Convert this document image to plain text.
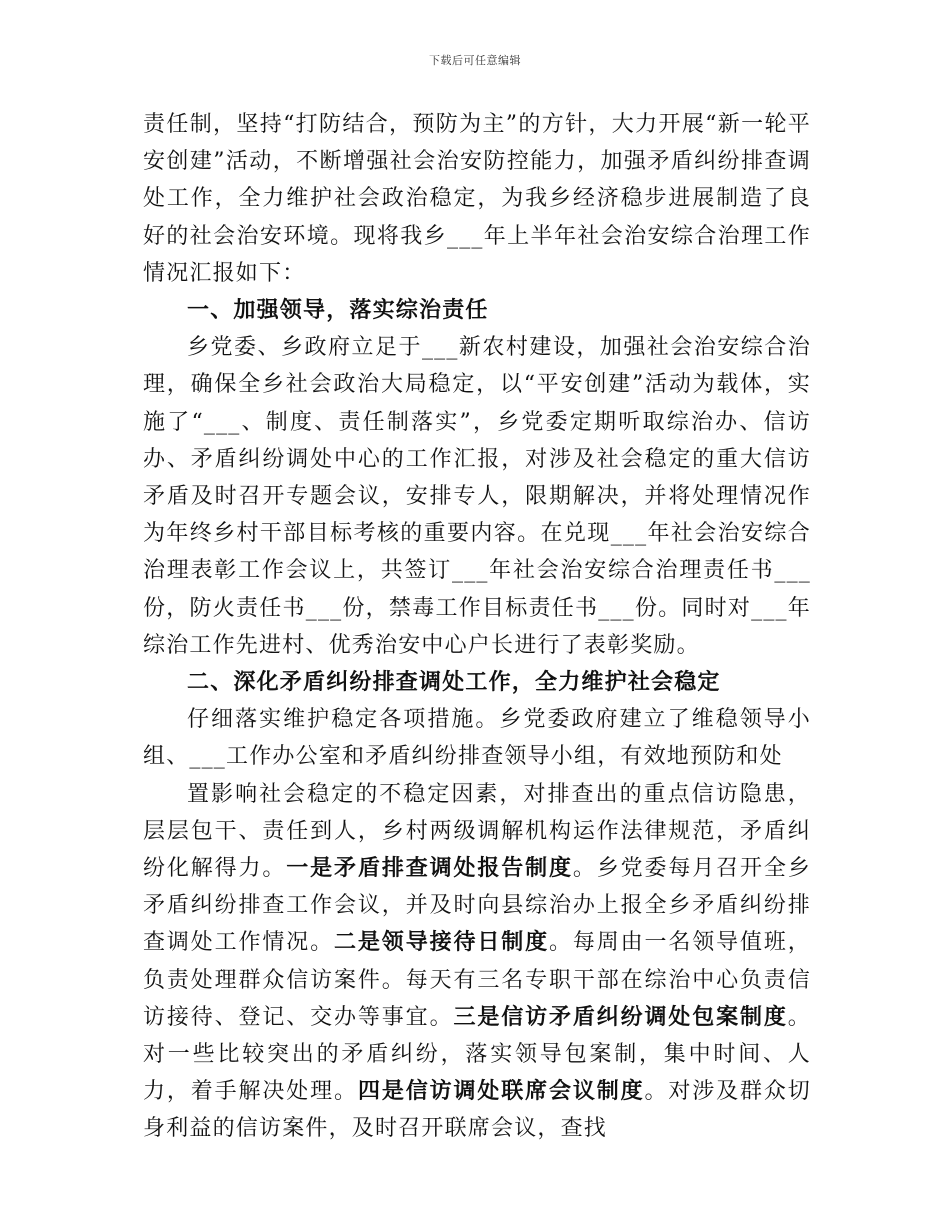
下载后可任意编辑

责任制，坚持“打防结合，预防为主”的方针，大力开展“新一轮平安创建”活动，不断增强社会治安防控能力，加强矛盾纠纷排查调处工作，全力维护社会政治稳定，为我乡经济稳步进展制造了良好的社会治安环境。现将我乡___年上半年社会治安综合治理工作情况汇报如下：

一、加强领导，落实综治责任

乡党委、乡政府立足于___新农村建设，加强社会治安综合治理，确保全乡社会政治大局稳定，以“平安创建”活动为载体，实施了“___、制度、责任制落实”，乡党委定期听取综治办、信访办、矛盾纠纷调处中心的工作汇报，对涉及社会稳定的重大信访矛盾及时召开专题会议，安排专人，限期解决，并将处理情况作为年终乡村干部目标考核的重要内容。在兑现___年社会治安综合治理表彰工作会议上，共签订___年社会治安综合治理责任书___份，防火责任书___份，禁毒工作目标责任书___份。同时对___年综治工作先进村、优秀治安中心户长进行了表彰奖励。

二、深化矛盾纠纷排查调处工作，全力维护社会稳定

仔细落实维护稳定各项措施。乡党委政府建立了维稳领导小组、___工作办公室和矛盾纠纷排查领导小组，有效地预防和处

置影响社会稳定的不稳定因素，对排查出的重点信访隐患，层层包干、责任到人，乡村两级调解机构运作法律规范，矛盾纠纷化解得力。一是矛盾排查调处报告制度。乡党委每月召开全乡矛盾纠纷排查工作会议，并及时向县综治办上报全乡矛盾纠纷排查调处工作情况。二是领导接待日制度。每周由一名领导值班，负责处理群众信访案件。每天有三名专职干部在综治中心负责信访接待、登记、交办等事宜。三是信访矛盾纠纷调处包案制度。对一些比较突出的矛盾纠纷，落实领导包案制，集中时间、人力，着手解决处理。四是信访调处联席会议制度。对涉及群众切身利益的信访案件，及时召开联席会议，查找
